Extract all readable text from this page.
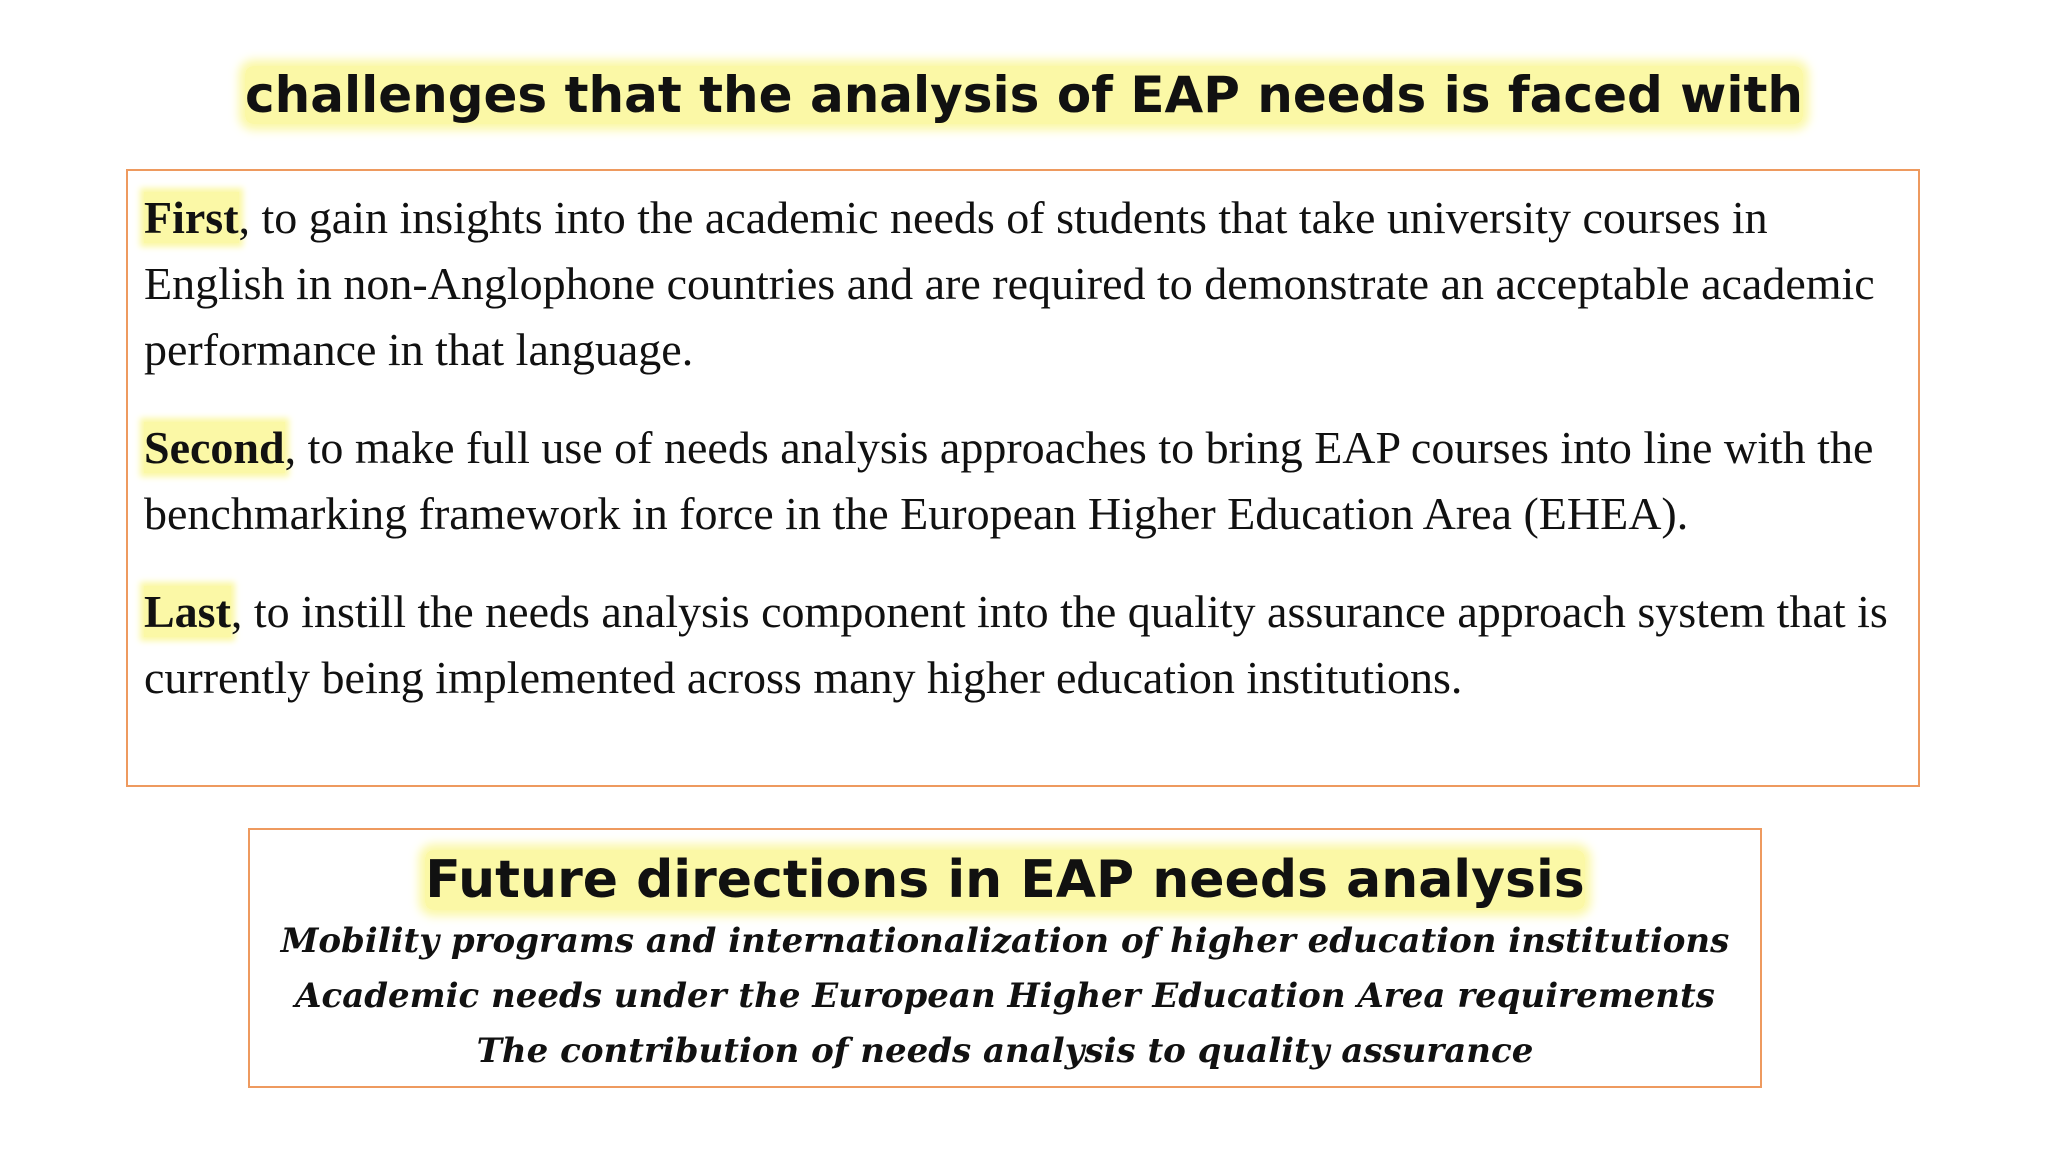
challenges that the analysis of EAP needs is faced with

First, to gain insights into the academic needs of students that take university courses in English in non-Anglophone countries and are required to demonstrate an acceptable academic performance in that language.

Second, to make full use of needs analysis approaches to bring EAP courses into line with the benchmarking framework in force in the European Higher Education Area (EHEA).

Last, to instill the needs analysis component into the quality assurance approach system that is currently being implemented across many higher education institutions.

Future directions in EAP needs analysis
Mobility programs and internationalization of higher education institutions
Academic needs under the European Higher Education Area requirements
The contribution of needs analysis to quality assurance
